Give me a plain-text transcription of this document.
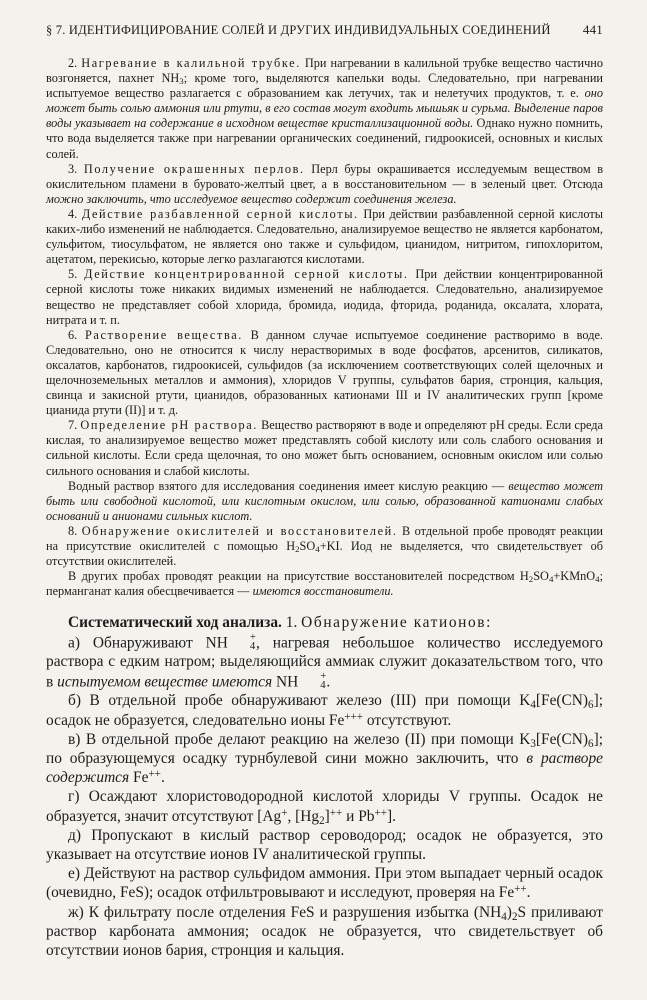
§ 7. ИДЕНТИФИЦИРОВАНИЕ СОЛЕЙ И ДРУГИХ ИНДИВИДУАЛЬНЫХ СОЕДИНЕНИЙ 441

2. Нагревание в калильной трубке. При нагревании в калильной трубке вещество частично возгоняется, пахнет $NH_3$; кроме того, выделяются капельки воды. Следовательно, при нагревании испытуемое вещество разлагается с образованием как летучих, так и нелетучих продуктов, т. е. оно может быть солью аммония или ртути, в его состав могут входить мышьяк и сурьма. Выделение паров воды указывает на содержание в исходном веществе кристаллизационной воды. Однако нужно помнить, что вода выделяется также при нагревании органических соединений, гидроокисей, основных и кислых солей.

3. Получение окрашенных перлов. Перл буры окрашивается исследуемым веществом в окислительном пламени в буровато-желтый цвет, а в восстановительном — в зеленый цвет. Отсюда можно заключить, что исследуемое вещество содержит соединения железа.

4. Действие разбавленной серной кислоты. При действии разбавленной серной кислоты каких-либо изменений не наблюдается. Следовательно, анализируемое вещество не является карбонатом, сульфитом, тиосульфатом, не является оно также и сульфидом, цианидом, нитритом, гипохлоритом, ацетатом, перекисью, которые легко разлагаются кислотами.

5. Действие концентрированной серной кислоты. При действии концентрированной серной кислоты тоже никаких видимых изменений не наблюдается. Следовательно, анализируемое вещество не представляет собой хлорида, бромида, иодида, фторида, роданида, оксалата, хлората, нитрата и т. п.

6. Растворение вещества. В данном случае испытуемое соединение растворимо в воде. Следовательно, оно не относится к числу нерастворимых в воде фосфатов, арсенитов, силикатов, оксалатов, карбонатов, гидроокисей, сульфидов (за исключением соответствующих солей щелочных и щелочноземельных металлов и аммония), хлоридов V группы, сульфатов бария, стронция, кальция, свинца и закисной ртути, цианидов, образованных катионами III и IV аналитических групп [кроме цианида ртути (II)] и т. д.

7. Определение pH раствора. Вещество растворяют в воде и определяют pH среды. Если среда кислая, то анализируемое вещество может представлять собой кислоту или соль слабого основания и сильной кислоты. Если среда щелочная, то оно может быть основанием, основным окислом или солью сильного основания и слабой кислоты.

Водный раствор взятого для исследования соединения имеет кислую реакцию — вещество может быть или свободной кислотой, или кислотным окислом, или солью, образованной катионами слабых оснований и анионами сильных кислот.

8. Обнаружение окислителей и восстановителей. В отдельной пробе проводят реакции на присутствие окислителей с помощью $H_2SO_4+KI$. Иод не выделяется, что свидетельствует об отсутствии окислителей.

В других пробах проводят реакции на присутствие восстановителей посредством $H_2SO_4+KMnO_4$; перманганат калия обесцвечивается — имеются восстановители.

Систематический ход анализа. 1. Обнаружение катионов:

а) Обнаруживают NH	+
4 , нагревая небольшое количество исследуемого раствора с едким натром; выделяющийся аммиак служит доказательством того, что в испытуемом веществе имеются NH	+
4 .

б) В отдельной пробе обнаруживают железо (III) при помощи $K_4[Fe(CN)_6]$; осадок не образуется, следовательно ионы Fe+++ отсутствуют.

в) В отдельной пробе делают реакцию на железо (II) при помощи $K_3[Fe(CN)_6]$; по образующемуся осадку турнбулевой сини можно заключить, что в растворе содержится Fe++.

г) Осаждают хлористоводородной кислотой хлориды V группы. Осадок не образуется, значит отсутствуют [Ag+, $[Hg_2]^{++}$ и Pb++].

д) Пропускают в кислый раствор сероводород; осадок не образуется, это указывает на отсутствие ионов IV аналитической группы.

е) Действуют на раствор сульфидом аммония. При этом выпадает черный осадок (очевидно, FeS); осадок отфильтровывают и исследуют, проверяя на Fe++.

ж) К фильтрату после отделения FeS и разрушения избытка $(NH_4)_2S$ приливают раствор карбоната аммония; осадок не образуется, что свидетельствует об отсутствии ионов бария, стронция и кальция.
